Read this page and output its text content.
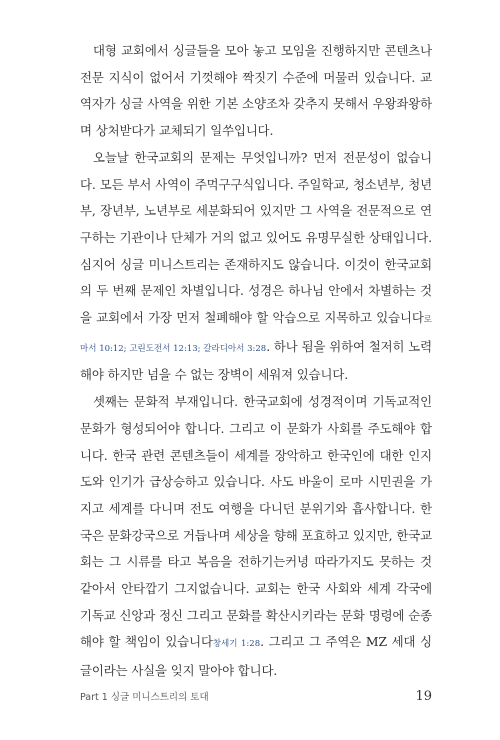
대형 교회에서 싱글들을 모아 놓고 모임을 진행하지만 콘텐츠나 전문 지식이 없어서 기껏해야 짝짓기 수준에 머물러 있습니다. 교역자가 싱글 사역을 위한 기본 소양조차 갖추지 못해서 우왕좌왕하며 상처받다가 교체되기 일쑤입니다.

오늘날 한국교회의 문제는 무엇입니까? 먼저 전문성이 없습니다. 모든 부서 사역이 주먹구구식입니다. 주일학교, 청소년부, 청년부, 장년부, 노년부로 세분화되어 있지만 그 사역을 전문적으로 연구하는 기관이나 단체가 거의 없고 있어도 유명무실한 상태입니다. 심지어 싱글 미니스트리는 존재하지도 않습니다. 이것이 한국교회의 두 번째 문제인 차별입니다. 성경은 하나님 안에서 차별하는 것을 교회에서 가장 먼저 철폐해야 할 악습으로 지목하고 있습니다로마서 10:12; 고린도전서 12:13; 갈라디아서 3:28. 하나 됨을 위하여 철저히 노력해야 하지만 넘을 수 없는 장벽이 세워져 있습니다.

셋째는 문화적 부재입니다. 한국교회에 성경적이며 기독교적인 문화가 형성되어야 합니다. 그리고 이 문화가 사회를 주도해야 합니다. 한국 관련 콘텐츠들이 세계를 장악하고 한국인에 대한 인지도와 인기가 급상승하고 있습니다. 사도 바울이 로마 시민권을 가지고 세계를 다니며 전도 여행을 다니던 분위기와 흡사합니다. 한국은 문화강국으로 거듭나며 세상을 향해 포효하고 있지만, 한국교회는 그 시류를 타고 복음을 전하기는커녕 따라가지도 못하는 것 같아서 안타깝기 그지없습니다. 교회는 한국 사회와 세계 각국에 기독교 신앙과 정신 그리고 문화를 확산시키라는 문화 명령에 순종해야 할 책임이 있습니다창세기 1:28. 그리고 그 주역은 MZ 세대 싱글이라는 사실을 잊지 말아야 합니다.

Part 1 싱글 미니스트리의 토대	19
